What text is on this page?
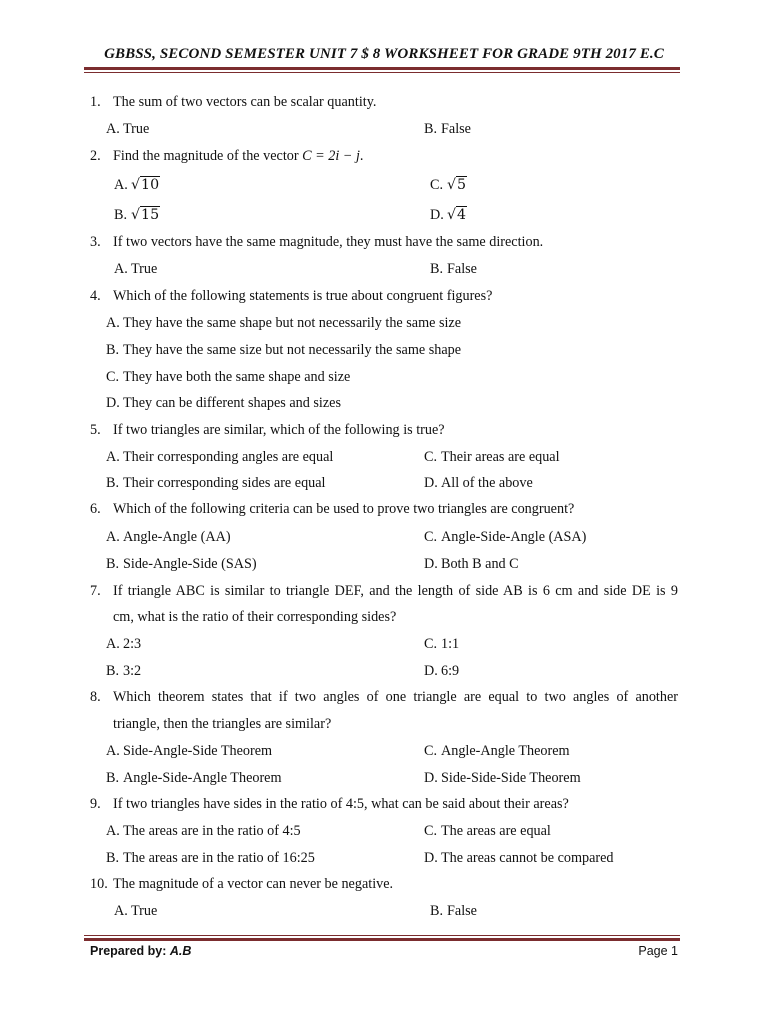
GBBSS, SECOND SEMESTER UNIT 7 $ 8 WORKSHEET FOR GRADE 9TH 2017 E.C
1. The sum of two vectors can be scalar quantity.
A. True	B. False
2. Find the magnitude of the vector C = 2i − j.
A. √10	C. √5
B. √15	D. √4
3. If two vectors have the same magnitude, they must have the same direction.
A. True	B. False
4. Which of the following statements is true about congruent figures?
A. They have the same shape but not necessarily the same size
B. They have the same size but not necessarily the same shape
C. They have both the same shape and size
D. They can be different shapes and sizes
5. If two triangles are similar, which of the following is true?
A. Their corresponding angles are equal	C. Their areas are equal
B. Their corresponding sides are equal	D. All of the above
6. Which of the following criteria can be used to prove two triangles are congruent?
A. Angle-Angle (AA)	C. Angle-Side-Angle (ASA)
B. Side-Angle-Side (SAS)	D. Both B and C
7. If triangle ABC is similar to triangle DEF, and the length of side AB is 6 cm and side DE is 9
cm, what is the ratio of their corresponding sides?
A. 2:3	C. 1:1
B. 3:2	D. 6:9
8. Which theorem states that if two angles of one triangle are equal to two angles of another
triangle, then the triangles are similar?
A. Side-Angle-Side Theorem	C. Angle-Angle Theorem
B. Angle-Side-Angle Theorem	D. Side-Side-Side Theorem
9. If two triangles have sides in the ratio of 4:5, what can be said about their areas?
A. The areas are in the ratio of 4:5	C. The areas are equal
B. The areas are in the ratio of 16:25	D. The areas cannot be compared
10. The magnitude of a vector can never be negative.
A. True	B. False
Prepared by: A.B	Page 1
